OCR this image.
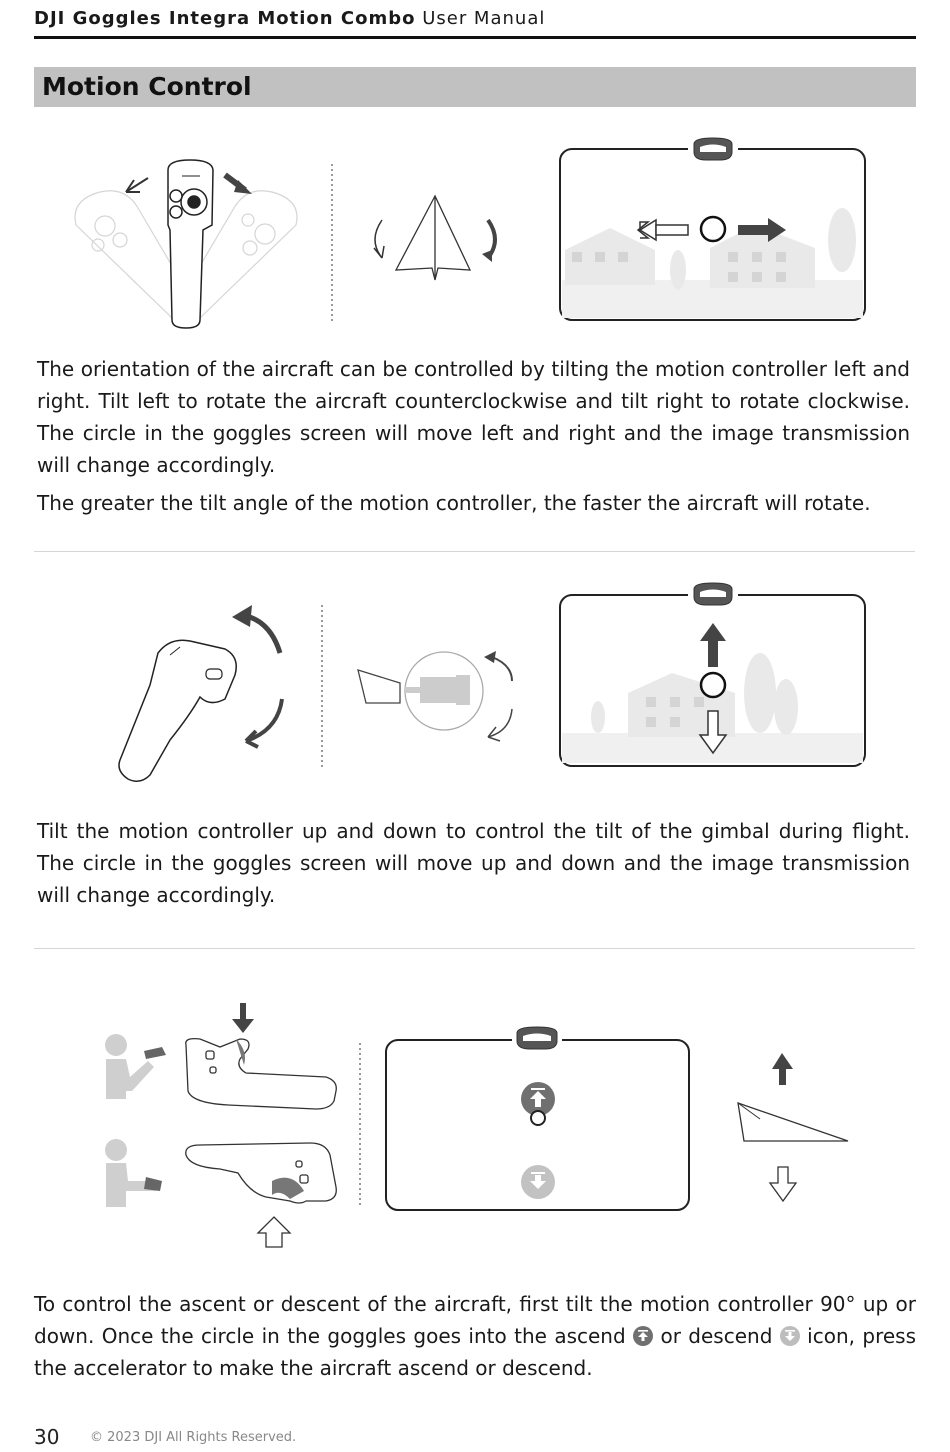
DJI Goggles Integra Motion Combo User Manual
Motion Control

The orientation of the aircraft can be controlled by tilting the motion controller left and right. Tilt left to rotate the aircraft counterclockwise and tilt right to rotate clockwise. The circle in the goggles screen will move left and right and the image transmission will change accordingly.

The greater the tilt angle of the motion controller, the faster the aircraft will rotate.

Tilt the motion controller up and down to control the tilt of the gimbal during flight. The circle in the goggles screen will move up and down and the image transmission will change accordingly.

To control the ascent or descent of the aircraft, first tilt the motion controller 90° up or down. Once the circle in the goggles goes into the ascend or descend icon, press the accelerator to make the aircraft ascend or descend.

30 © 2023 DJI All Rights Reserved.
